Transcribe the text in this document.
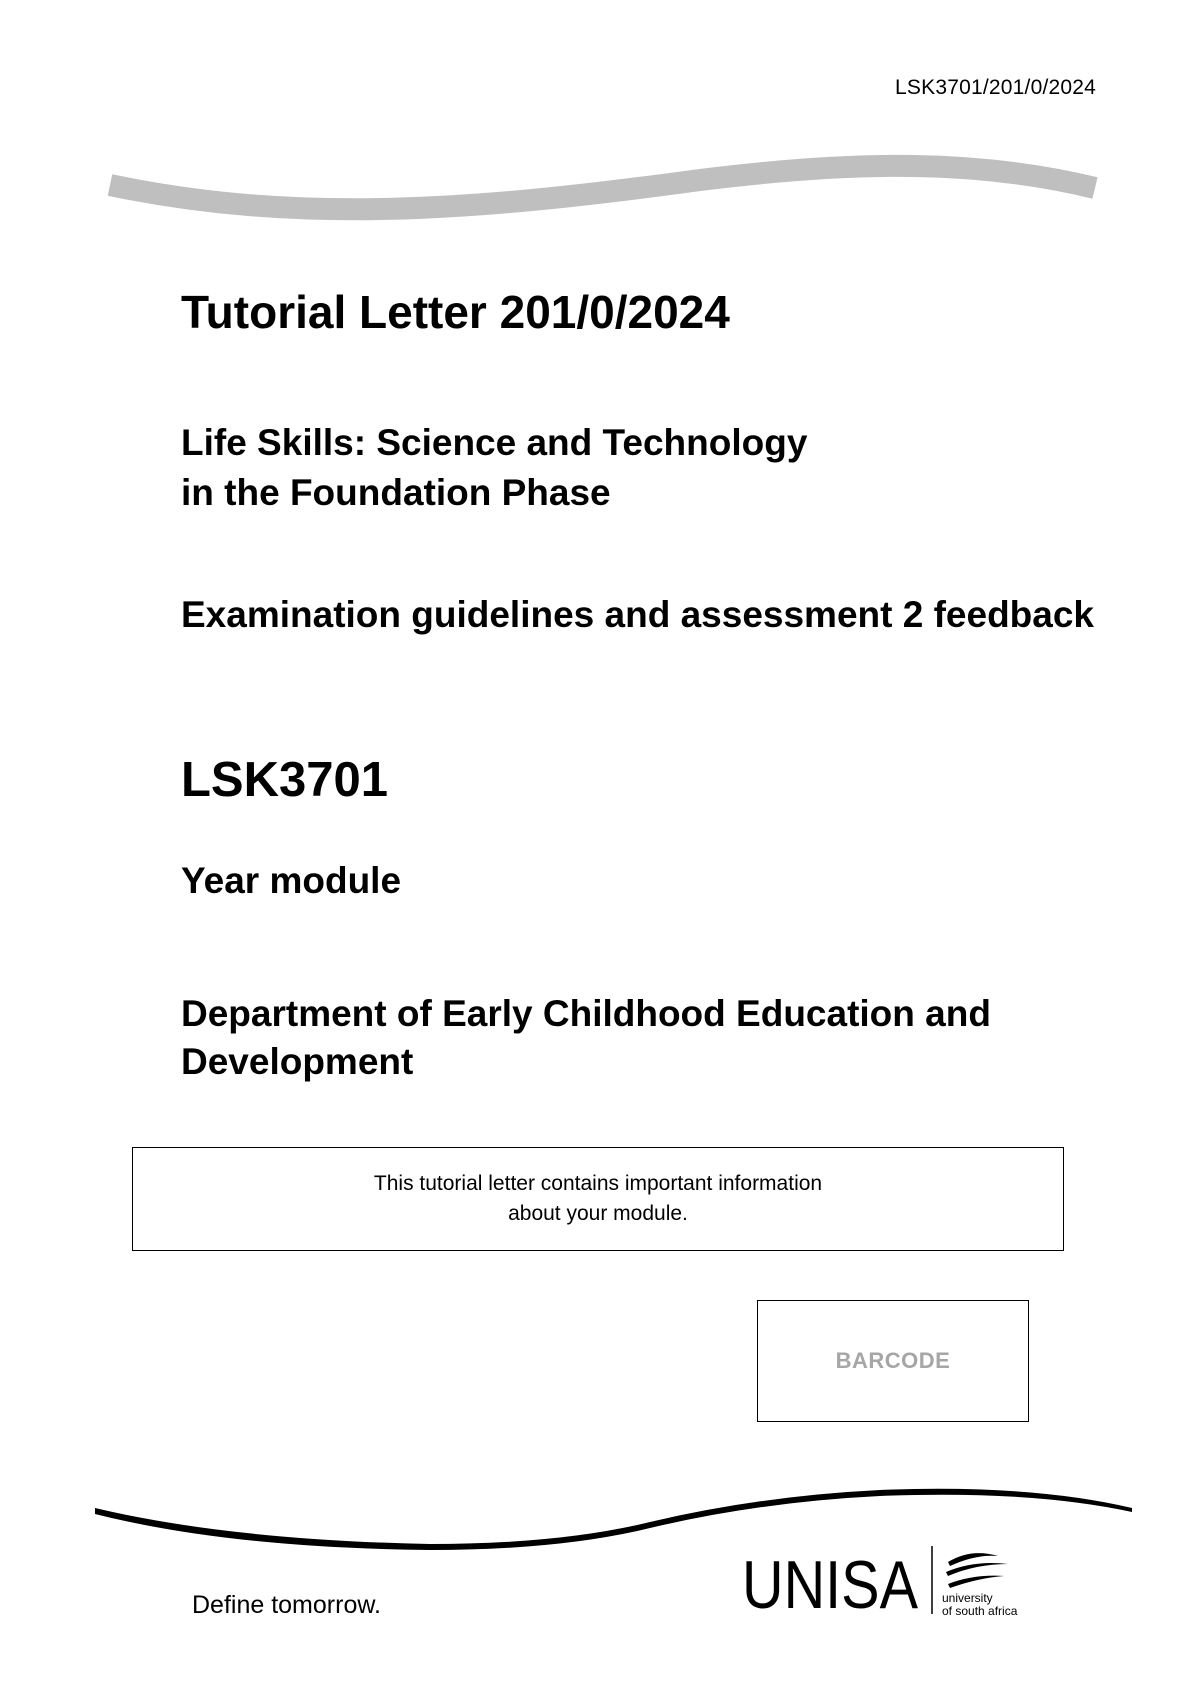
LSK3701/201/0/2024
Tutorial Letter 201/0/2024
Life Skills: Science and Technology
in the Foundation Phase
Examination guidelines and assessment 2 feedback
LSK3701
Year module
Department of Early Childhood Education and Development
This tutorial letter contains important information
about your module.
BARCODE
Define tomorrow.	UNISA university
of south africa
